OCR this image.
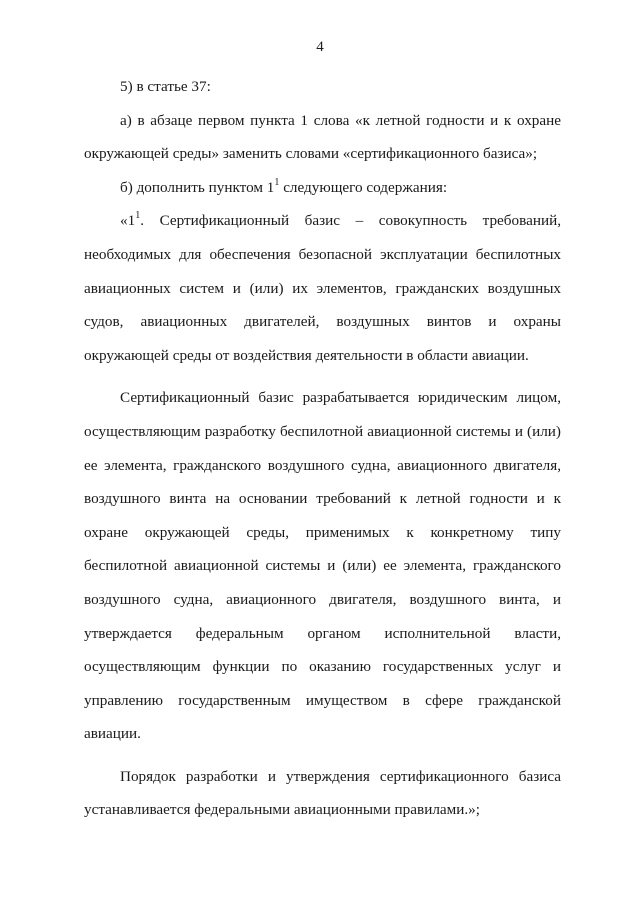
4

5) в статье 37:

а) в абзаце первом пункта 1 слова «к летной годности и к охране окружающей среды» заменить словами «сертификационного базиса»;

б) дополнить пунктом $1^1$ следующего содержания:

«$1^1$. Сертификационный базис – совокупность требований, необходимых для обеспечения безопасной эксплуатации беспилотных авиационных систем и (или) их элементов, гражданских воздушных судов, авиационных двигателей, воздушных винтов и охраны окружающей среды от воздействия деятельности в области авиации.

Сертификационный базис разрабатывается юридическим лицом, осуществляющим разработку беспилотной авиационной системы и (или) ее элемента, гражданского воздушного судна, авиационного двигателя, воздушного винта на основании требований к летной годности и к охране окружающей среды, применимых к конкретному типу беспилотной авиационной системы и (или) ее элемента, гражданского воздушного судна, авиационного двигателя, воздушного винта, и утверждается федеральным органом исполнительной власти, осуществляющим функции по оказанию государственных услуг и управлению государственным имуществом в сфере гражданской авиации.

Порядок разработки и утверждения сертификационного базиса устанавливается федеральными авиационными правилами.»;
